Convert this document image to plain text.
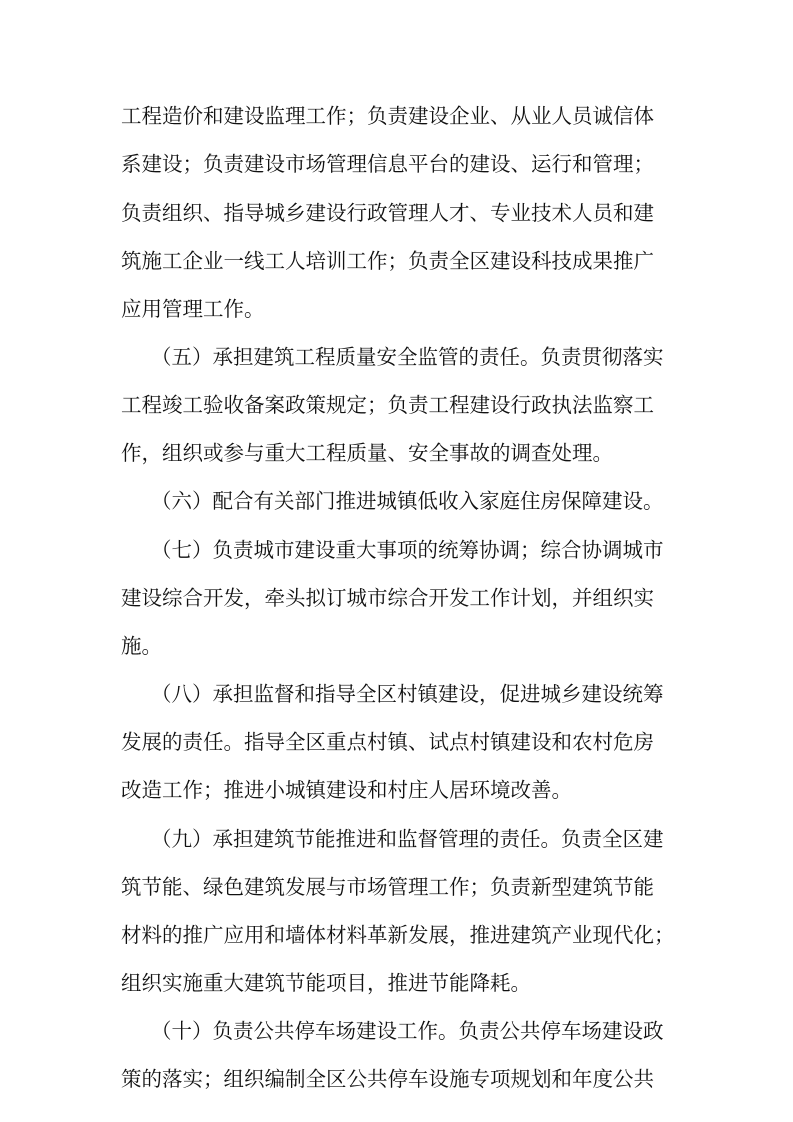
工程造价和建设监理工作；负责建设企业、从业人员诚信体
系建设；负责建设市场管理信息平台的建设、运行和管理；
负责组织、指导城乡建设行政管理人才、专业技术人员和建
筑施工企业一线工人培训工作；负责全区建设科技成果推广
应用管理工作。
（五）承担建筑工程质量安全监管的责任。负责贯彻落实
工程竣工验收备案政策规定；负责工程建设行政执法监察工
作，组织或参与重大工程质量、安全事故的调查处理。
（六）配合有关部门推进城镇低收入家庭住房保障建设。
（七）负责城市建设重大事项的统筹协调；综合协调城市
建设综合开发，牵头拟订城市综合开发工作计划，并组织实
施。
（八）承担监督和指导全区村镇建设，促进城乡建设统筹
发展的责任。指导全区重点村镇、试点村镇建设和农村危房
改造工作；推进小城镇建设和村庄人居环境改善。
（九）承担建筑节能推进和监督管理的责任。负责全区建
筑节能、绿色建筑发展与市场管理工作；负责新型建筑节能
材料的推广应用和墙体材料革新发展，推进建筑产业现代化；
组织实施重大建筑节能项目，推进节能降耗。
（十）负责公共停车场建设工作。负责公共停车场建设政
策的落实；组织编制全区公共停车设施专项规划和年度公共
